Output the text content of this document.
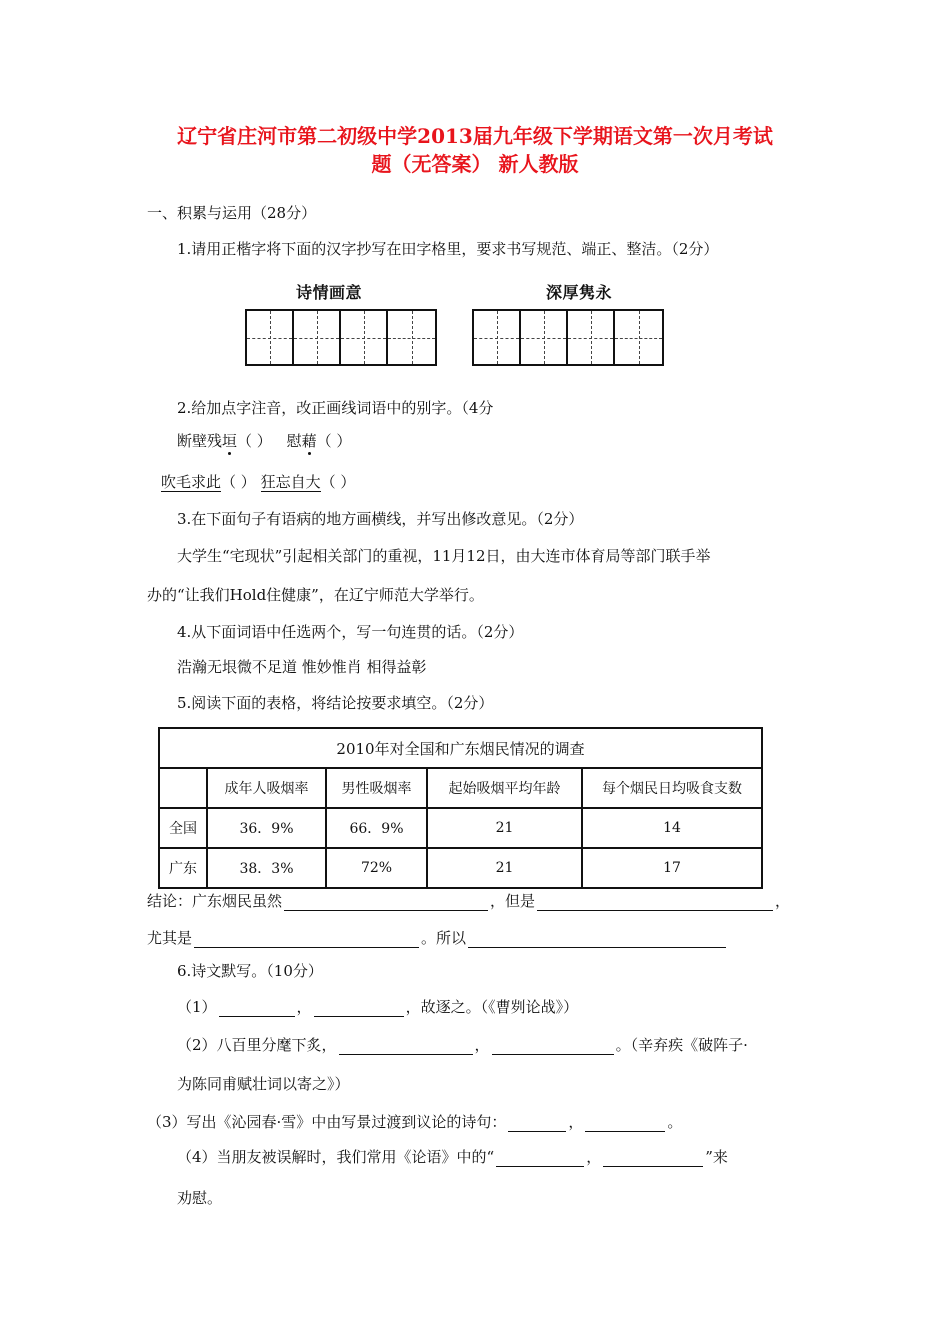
辽宁省庄河市第二初级中学2013届九年级下学期语文第一次月考试
题（无答案） 新人教版
一、积累与运用（28分）
1.请用正楷字将下面的汉字抄写在田字格里，要求书写规范、端正、整洁。（2分）
诗情画意	深厚隽永
2.给加点字注音，改正画线词语中的别字。（4分
断壁残垣（ ） 慰藉（ ）
吹毛求此（ ） 狂忘自大（ ）
3.在下面句子有语病的地方画横线，并写出修改意见。（2分）
大学生“宅现状”引起相关部门的重视，11月12日，由大连市体育局等部门联手举
办的“让我们Hold住健康”，在辽宁师范大学举行。
4.从下面词语中任选两个，写一句连贯的话。（2分）
浩瀚无垠微不足道 惟妙惟肖 相得益彰
5.阅读下面的表格，将结论按要求填空。（2分）
2010年对全国和广东烟民情况的调查				
	成年人吸烟率	男性吸烟率	起始吸烟平均年龄	每个烟民日均吸食支数
全国	36．9%	66．9%	21	14
广东	38．3%	72%	21	17
结论：广东烟民虽然	，但是	，
尤其是	。所以
6.诗文默写。（10分）
（1）	，	，故逐之。（《曹刿论战》）
（2）八百里分麾下炙，	，	。（辛弃疾《破阵子·
为陈同甫赋壮词以寄之》）
（3）写出《沁园春·雪》中由写景过渡到议论的诗句：	，	。
（4）当朋友被误解时，我们常用《论语》中的“	，	”来
劝慰。
